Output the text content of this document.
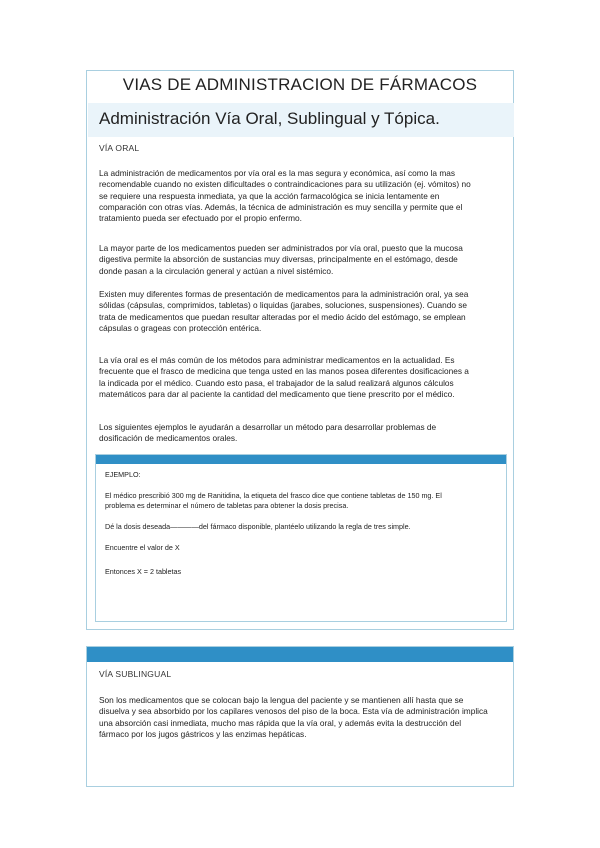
VIAS DE ADMINISTRACION DE FÁRMACOS
Administración Vía Oral, Sublingual y Tópica.
VÍA ORAL

La administración de medicamentos por vía oral es la mas segura y económica, así como la mas recomendable cuando no existen dificultades o contraindicaciones para su utilización (ej. vómitos) no se requiere una respuesta inmediata, ya que la acción farmacológica se inicia lentamente en comparación con otras vías. Además, la técnica de administración es muy sencilla y permite que el tratamiento pueda ser efectuado por el propio enfermo.

La mayor parte de los medicamentos pueden ser administrados por vía oral, puesto que la mucosa digestiva permite la absorción de sustancias muy diversas, principalmente en el estómago, desde donde pasan a la circulación general y actúan a nivel sistémico.

Existen muy diferentes formas de presentación de medicamentos para la administración oral, ya sea sólidas (cápsulas, comprimidos, tabletas) o liquidas (jarabes, soluciones, suspensiones). Cuando se trata de medicamentos que puedan resultar alteradas por el medio ácido del estómago, se emplean cápsulas o grageas con protección entérica.

La vía oral es el más común de los métodos para administrar medicamentos en la actualidad. Es frecuente que el frasco de medicina que tenga usted en las manos posea diferentes dosificaciones a la indicada por el médico. Cuando esto pasa, el trabajador de la salud realizará algunos cálculos matemáticos para dar al paciente la cantidad del medicamento que tiene prescrito por el médico.

Los siguientes ejemplos le ayudarán a desarrollar un método para desarrollar problemas de dosificación de medicamentos orales.

EJEMPLO:
El médico prescribió 300 mg de Ranitidina, la etiqueta del frasco dice que contiene tabletas de 150 mg. El problema es determinar el número de tabletas para obtener la dosis precisa.
Dé la dosis deseada————del fármaco disponible, plantéelo utilizando la regla de tres simple.
Encuentre el valor de X
Entonces X = 2 tabletas
VÍA SUBLINGUAL

Son los medicamentos que se colocan bajo la lengua del paciente y se mantienen allí hasta que se disuelva y sea absorbido por los capilares venosos del piso de la boca. Esta vía de administración implica una absorción casi inmediata, mucho mas rápida que la vía oral, y además evita la destrucción del fármaco por los jugos gástricos y las enzimas hepáticas.
